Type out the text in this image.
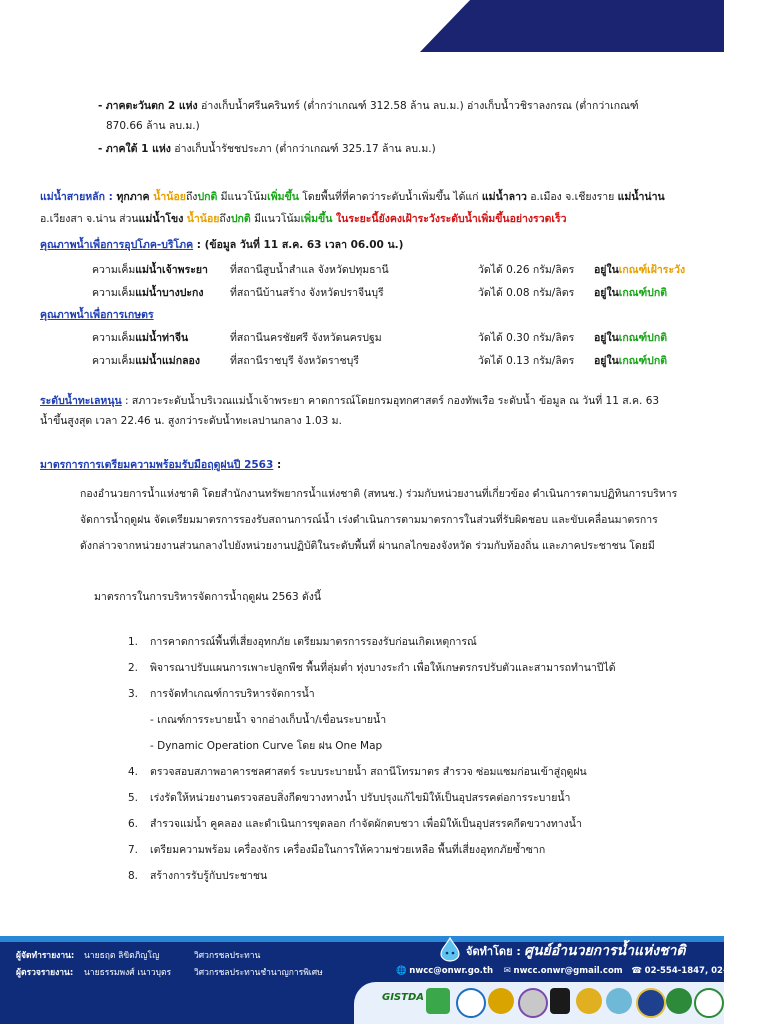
- ภาคตะวันตก 2 แห่ง อ่างเก็บน้ำศรีนครินทร์ (ต่ำกว่าเกณฑ์ 312.58 ล้าน ลบ.ม.) อ่างเก็บน้ำวชิราลงกรณ (ต่ำกว่าเกณฑ์
870.66 ล้าน ลบ.ม.)
- ภาคใต้ 1 แห่ง อ่างเก็บน้ำรัชชประภา (ต่ำกว่าเกณฑ์ 325.17 ล้าน ลบ.ม.)
แม่น้ำสายหลัก : ทุกภาค น้ำน้อยถึงปกติ มีแนวโน้มเพิ่มขึ้น โดยพื้นที่ที่คาดว่าระดับน้ำเพิ่มขึ้น ได้แก่ แม่น้ำลาว อ.เมือง จ.เชียงราย แม่น้ำน่าน
อ.เวียงสา จ.น่าน ส่วนแม่น้ำโขง น้ำน้อยถึงปกติ มีแนวโน้มเพิ่มขึ้น ในระยะนี้ยังคงเฝ้าระวังระดับน้ำเพิ่มขึ้นอย่างรวดเร็ว
คุณภาพน้ำเพื่อการอุปโภค-บริโภค : (ข้อมูล วันที่ 11 ส.ค. 63 เวลา 06.00 น.)
ความเค็มแม่น้ำเจ้าพระยา ที่สถานีสูบน้ำสำแล จังหวัดปทุมธานี	วัดได้ 0.26 กรัม/ลิตร อยู่ในเกณฑ์เฝ้าระวัง
ความเค็มแม่น้ำบางปะกง	ที่สถานีบ้านสร้าง จังหวัดปราจีนบุรี	วัดได้ 0.08 กรัม/ลิตร อยู่ในเกณฑ์ปกติ
คุณภาพน้ำเพื่อการเกษตร
ความเค็มแม่น้ำท่าจีน	ที่สถานีนครชัยศรี จังหวัดนครปฐม	วัดได้ 0.30 กรัม/ลิตร อยู่ในเกณฑ์ปกติ
ความเค็มแม่น้ำแม่กลอง	ที่สถานีราชบุรี จังหวัดราชบุรี	วัดได้ 0.13 กรัม/ลิตร อยู่ในเกณฑ์ปกติ
ระดับน้ำทะเลหนุน : สภาวะระดับน้ำบริเวณแม่น้ำเจ้าพระยา คาดการณ์โดยกรมอุทกศาสตร์ กองทัพเรือ ระดับน้ำ ข้อมูล ณ วันที่ 11 ส.ค. 63
น้ำขึ้นสูงสุด เวลา 22.46 น. สูงกว่าระดับน้ำทะเลปานกลาง 1.03 ม.
มาตรการการเตรียมความพร้อมรับมือฤดูฝนปี 2563 :
กองอำนวยการน้ำแห่งชาติ โดยสำนักงานทรัพยากรน้ำแห่งชาติ (สทนช.) ร่วมกับหน่วยงานที่เกี่ยวข้อง ดำเนินการตามปฏิทินการบริหาร
จัดการน้ำฤดูฝน จัดเตรียมมาตรการรองรับสถานการณ์น้ำ เร่งดำเนินการตามมาตรการในส่วนที่รับผิดชอบ และขับเคลื่อนมาตรการ
ดังกล่าวจากหน่วยงานส่วนกลางไปยังหน่วยงานปฏิบัติในระดับพื้นที่ ผ่านกลไกของจังหวัด ร่วมกับท้องถิ่น และภาคประชาชน โดยมี
มาตรการในการบริหารจัดการน้ำฤดูฝน 2563 ดังนี้
1. การคาดการณ์พื้นที่เสี่ยงอุทกภัย เตรียมมาตรการรองรับก่อนเกิดเหตุการณ์
2. พิจารณาปรับแผนการเพาะปลูกพืช พื้นที่ลุ่มต่ำ ทุ่งบางระกำ เพื่อให้เกษตรกรปรับตัวและสามารถทำนาปีได้
3. การจัดทำเกณฑ์การบริหารจัดการน้ำ
- เกณฑ์การระบายน้ำ จากอ่างเก็บน้ำ/เขื่อนระบายน้ำ
- Dynamic Operation Curve โดย ฝน One Map
4. ตรวจสอบสภาพอาคารชลศาสตร์ ระบบระบายน้ำ สถานีโทรมาตร สำรวจ ซ่อมแซมก่อนเข้าสู่ฤดูฝน
5. เร่งรัดให้หน่วยงานตรวจสอบสิ่งกีดขวางทางน้ำ ปรับปรุงแก้ไขมิให้เป็นอุปสรรคต่อการระบายน้ำ
6. สำรวจแม่น้ำ คูคลอง และดำเนินการขุดลอก กำจัดผักตบชวา เพื่อมิให้เป็นอุปสรรคกีดขวางทางน้ำ
7. เตรียมความพร้อม เครื่องจักร เครื่องมือในการให้ความช่วยเหลือ พื้นที่เสี่ยงอุทกภัยซ้ำซาก
8. สร้างการรับรู้กับประชาชน
ผู้จัดทำรายงาน: นายธฤต ลิขิตภิญโญ	วิศวกรชลประทาน
ผู้ตรวจรายงาน: นายธรรมพงศ์ เนาวบุตร	วิศวกรชลประทานชำนาญการพิเศษ
จัดทำโดย : ศูนย์อำนวยการน้ำแห่งชาติ
🌐 nwcc@onwr.go.th ✉ nwcc.onwr@gmail.com ☎ 02-554-1847, 02-554-1800
GISTDA
